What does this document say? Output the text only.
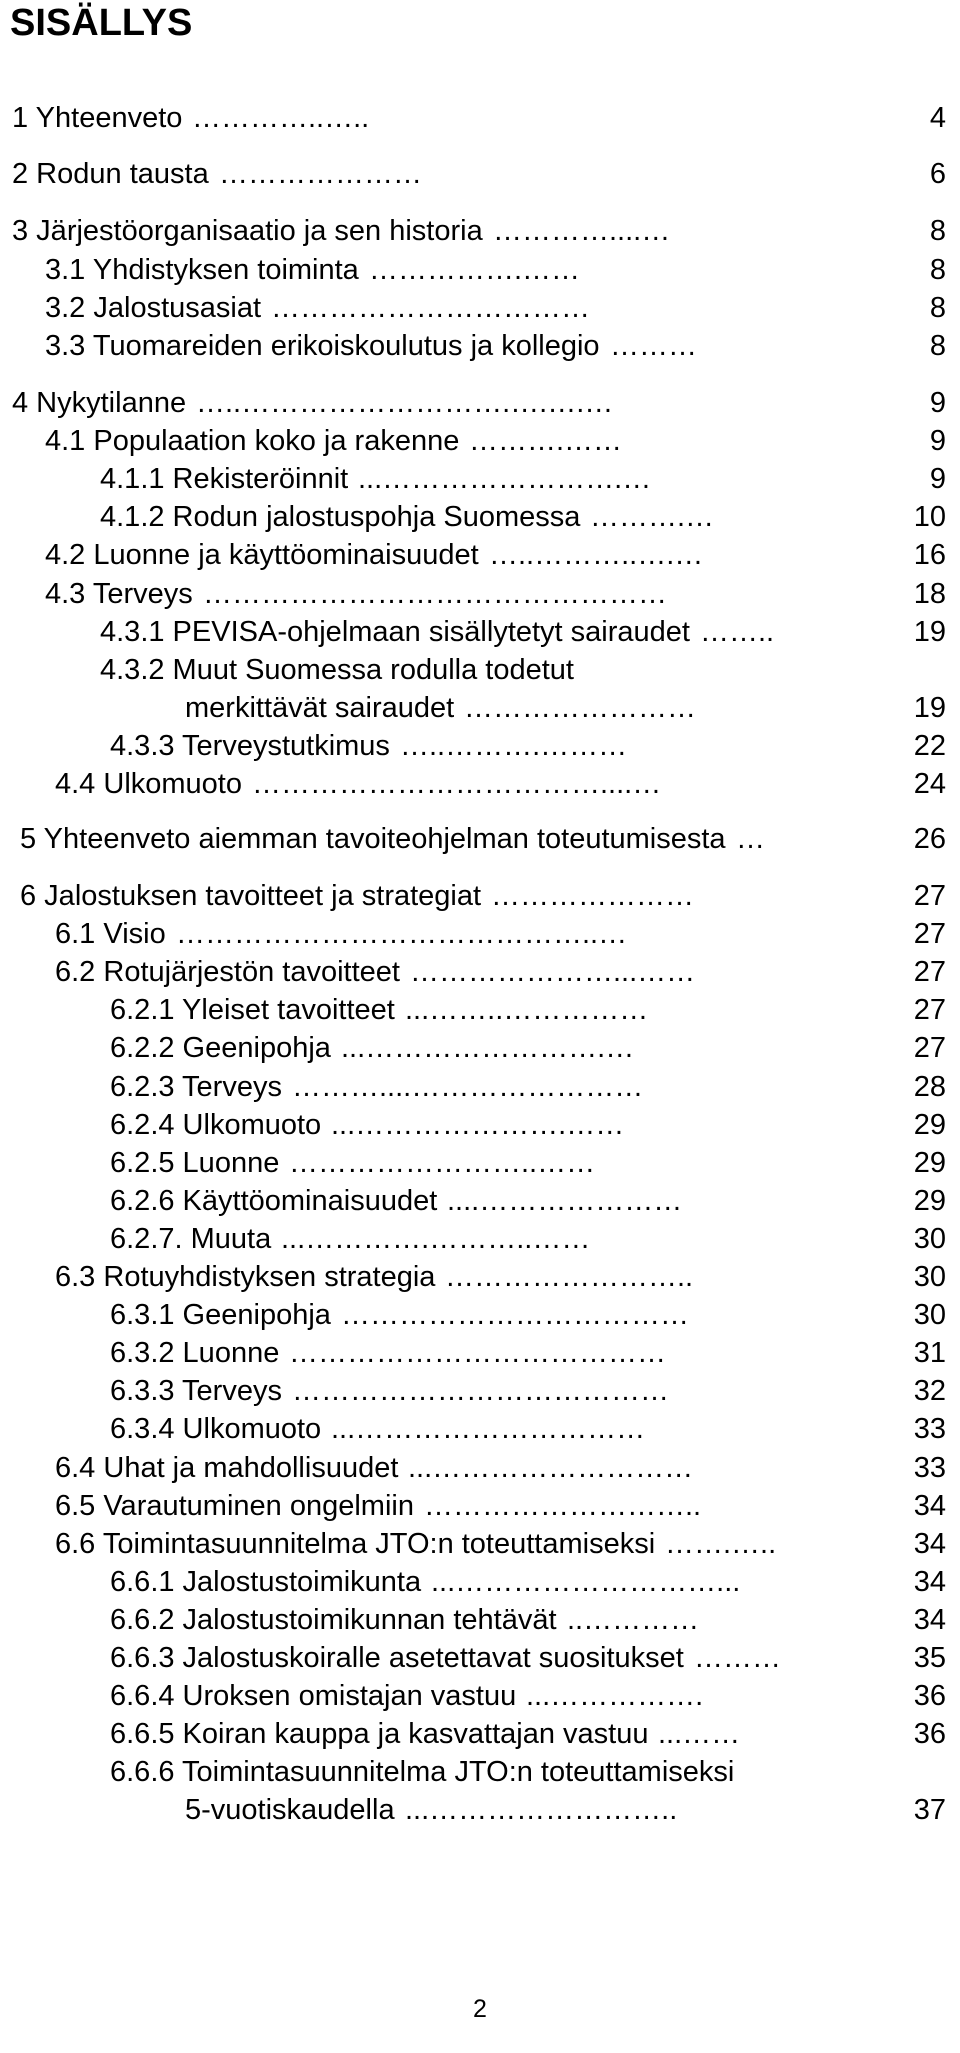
SISÄLLYS
1 Yhteenveto …………..…..	4
2 Rodun tausta …………………	6
3 Järjestöorganisaatio ja sen historia …………....…	8
3.1 Yhdistyksen toiminta …………….……	8
3.2 Jalostusasiat ……………………………	8
3.3 Tuomareiden erikoiskoulutus ja kollegio ………	8
4 Nykytilanne …..……………………….….….…	9
4.1 Populaation koko ja rakenne ……….……	9
4.1.1 Rekisteröinnit ...…………………….…	9
4.1.2 Rodun jalostuspohja Suomessa ……….…	10
4.2 Luonne ja käyttöominaisuudet …..………..….…	16
4.3 Terveys …………………………………………	18
4.3.1 PEVISA-ohjelmaan sisällytetyt sairaudet ……..	19
4.3.2 Muut Suomessa rodulla todetut
merkittävät sairaudet ……………………	19
4.3.3 Terveystutkimus …..……….………	22
4.4 Ulkomuoto ………………………………....…	24
5 Yhteenveto aiemman tavoiteohjelman toteutumisesta …	26
6 Jalostuksen tavoitteet ja strategiat …………………	27
6.1 Visio ……………………………………..…	27
6.2 Rotujärjestön tavoitteet …………………...……	27
6.2.1 Yleiset tavoitteet ...……..……………	27
6.2.2 Geenipohja ...…………………….…	27
6.2.3 Terveys ………....……………………	28
6.2.4 Ulkomuoto ...………………….……	29
6.2.5 Luonne ……………………..……	29
6.2.6 Käyttöominaisuudet ....…………………	29
6.2.7. Muuta ...………….………..……	30
6.3 Rotuyhdistyksen strategia ……………………..	30
6.3.1 Geenipohja ………………………………	30
6.3.2 Luonne …………………………………	31
6.3.3 Terveys …………………………………	32
6.3.4 Ulkomuoto ...…………………………	33
6.4 Uhat ja mahdollisuudet ...………………………	33
6.5 Varautuminen ongelmiin ………………………..	34
6.6 Toimintasuunnitelma JTO:n toteuttamiseksi …….…..	34
6.6.1 Jalostustoimikunta ...………………………...	34
6.6.2 Jalostustoimikunnan tehtävät ..…………	34
6.6.3 Jalostuskoiralle asetettavat suositukset ………	35
6.6.4 Uroksen omistajan vastuu ...…………….	36
6.6.5 Koiran kauppa ja kasvattajan vastuu ...……	36
6.6.6 Toimintasuunnitelma JTO:n toteuttamiseksi
5-vuotiskaudella ...……………………..	37
2
